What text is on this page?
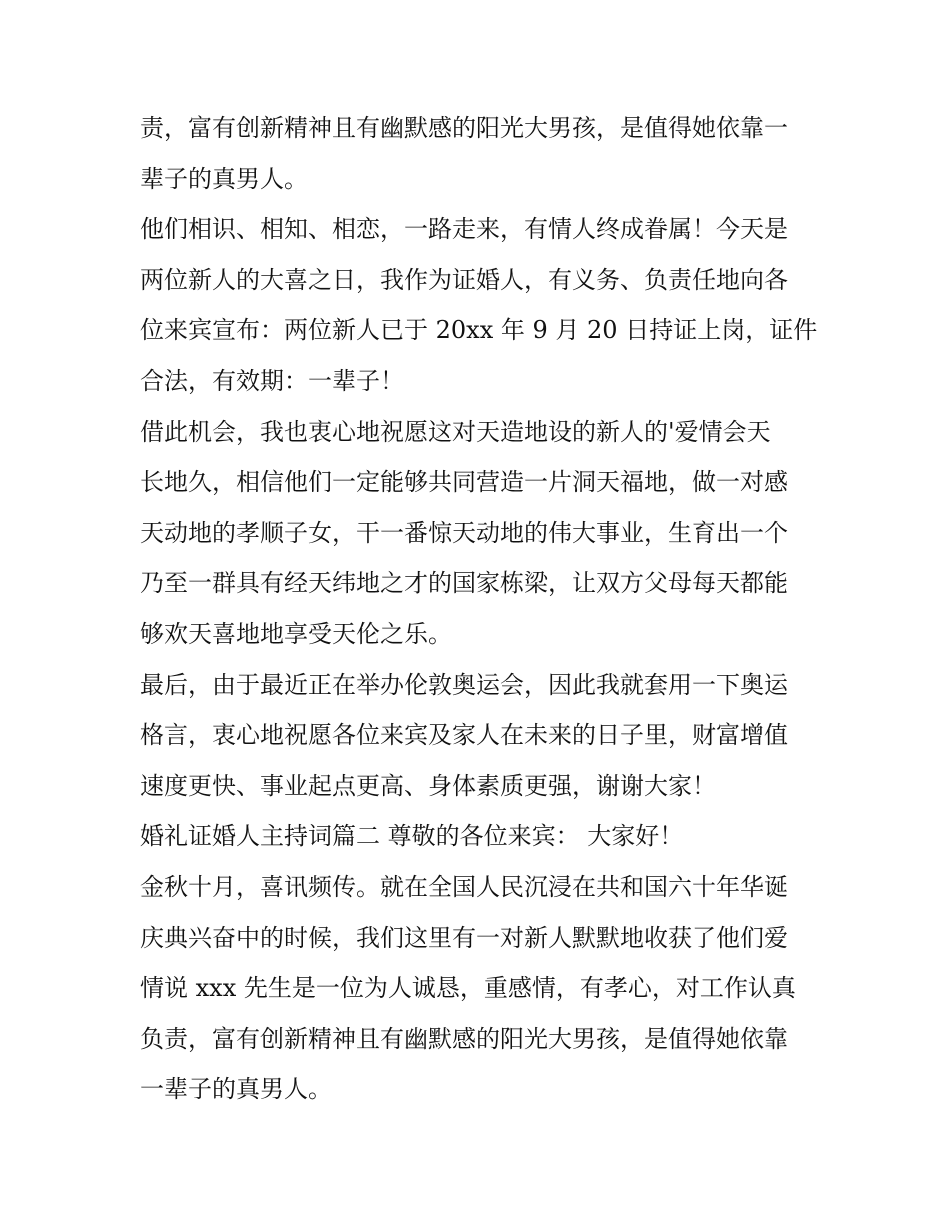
责，富有创新精神且有幽默感的阳光大男孩，是值得她依靠一
辈子的真男人。
他们相识、相知、相恋，一路走来，有情人终成眷属！今天是
两位新人的大喜之日，我作为证婚人，有义务、负责任地向各
位来宾宣布：两位新人已于 20xx 年 9 月 20 日持证上岗，证件
合法，有效期：一辈子！
借此机会，我也衷心地祝愿这对天造地设的新人的'爱情会天
长地久，相信他们一定能够共同营造一片洞天福地，做一对感
天动地的孝顺子女，干一番惊天动地的伟大事业，生育出一个
乃至一群具有经天纬地之才的国家栋梁，让双方父母每天都能
够欢天喜地地享受天伦之乐。
最后，由于最近正在举办伦敦奥运会，因此我就套用一下奥运
格言，衷心地祝愿各位来宾及家人在未来的日子里，财富增值
速度更快、事业起点更高、身体素质更强，谢谢大家！
婚礼证婚人主持词篇二 尊敬的各位来宾： 大家好！
金秋十月，喜讯频传。就在全国人民沉浸在共和国六十年华诞
庆典兴奋中的时候，我们这里有一对新人默默地收获了他们爱
情说 xxx 先生是一位为人诚恳，重感情，有孝心，对工作认真
负责，富有创新精神且有幽默感的阳光大男孩，是值得她依靠
一辈子的真男人。
